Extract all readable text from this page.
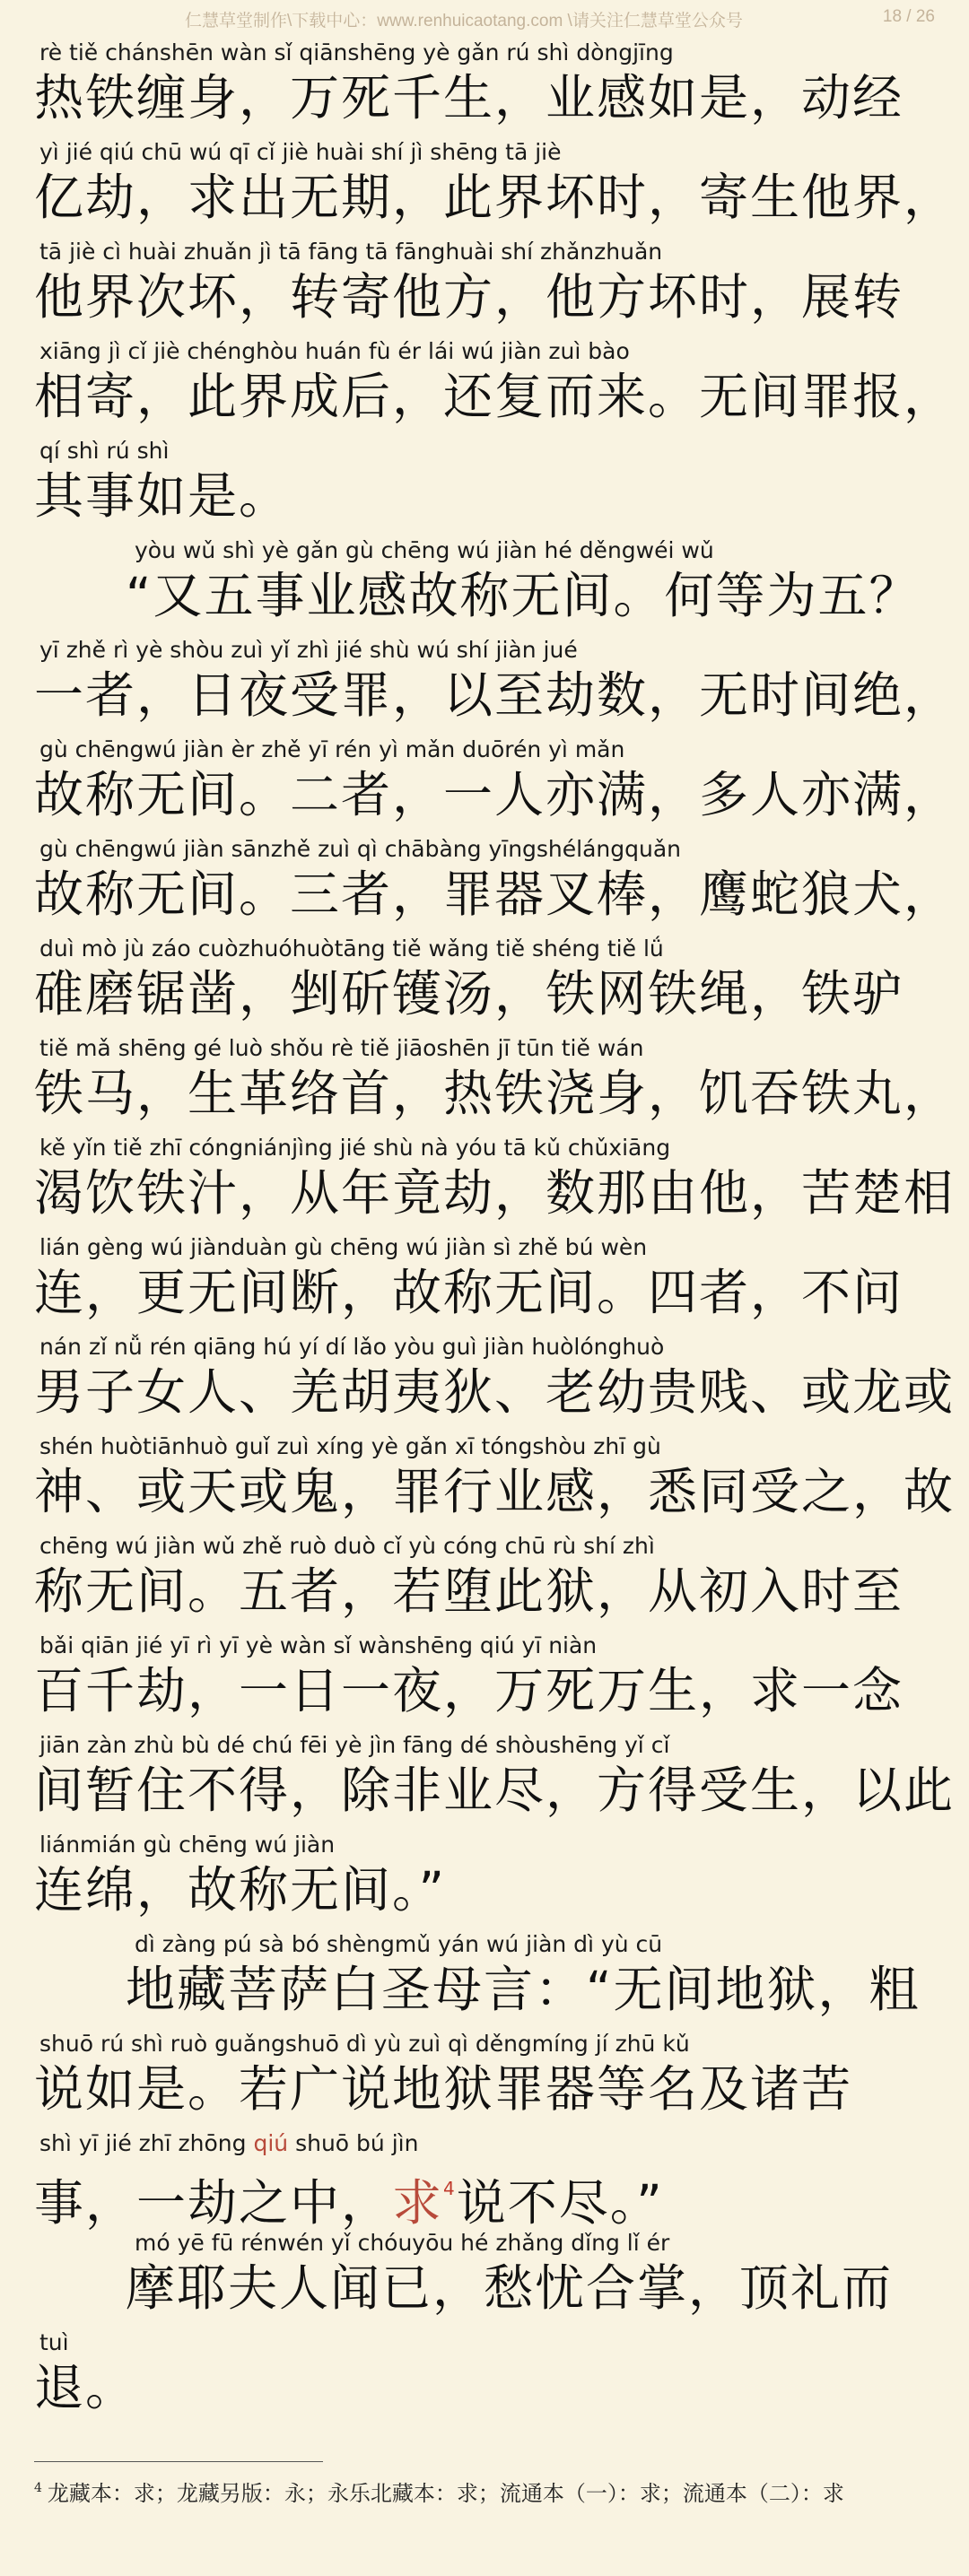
仁慧草堂制作\下载中心：www.renhuicaotang.com \请关注仁慧草堂公众号	18 / 26
rè tiě chánshēn wàn sǐ qiānshēng yè gǎn rú shì dòngjīng
热铁缠身，万死千生，业感如是，动经
yì jié qiú chū wú qī cǐ jiè huài shí jì shēng tā jiè
亿劫，求出无期，此界坏时，寄生他界，
tā jiè cì huài zhuǎn jì tā fāng tā fānghuài shí zhǎnzhuǎn
他界次坏，转寄他方，他方坏时，展转
xiāng jì cǐ jiè chénghòu huán fù ér lái wú jiàn zuì bào
相寄，此界成后，还复而来。无间罪报，
qí shì rú shì
其事如是。
yòu wǔ shì yè gǎn gù chēng wú jiàn hé děngwéi wǔ
“又五事业感故称无间。何等为五？
yī zhě rì yè shòu zuì yǐ zhì jié shù wú shí jiàn jué
一者，日夜受罪，以至劫数，无时间绝，
gù chēngwú jiàn èr zhě yī rén yì mǎn duōrén yì mǎn
故称无间。二者，一人亦满，多人亦满，
gù chēngwú jiàn sānzhě zuì qì chābàng yīngshélángquǎn
故称无间。三者，罪器叉棒，鹰蛇狼犬，
duì mò jù záo cuòzhuóhuòtāng tiě wǎng tiě shéng tiě lǘ
碓磨锯凿，剉斫镬汤，铁网铁绳，铁驴
tiě mǎ shēng gé luò shǒu rè tiě jiāoshēn jī tūn tiě wán
铁马，生革络首，热铁浇身，饥吞铁丸，
kě yǐn tiě zhī cóngniánjìng jié shù nà yóu tā kǔ chǔxiāng
渴饮铁汁，从年竟劫，数那由他，苦楚相
lián gèng wú jiànduàn gù chēng wú jiàn sì zhě bú wèn
连，更无间断，故称无间。四者，不问
nán zǐ nǚ rén qiāng hú yí dí lǎo yòu guì jiàn huòlónghuò
男子女人、羌胡夷狄、老幼贵贱、或龙或
shén huòtiānhuò guǐ zuì xíng yè gǎn xī tóngshòu zhī gù
神、或天或鬼，罪行业感，悉同受之，故
chēng wú jiàn wǔ zhě ruò duò cǐ yù cóng chū rù shí zhì
称无间。五者，若堕此狱，从初入时至
bǎi qiān jié yī rì yī yè wàn sǐ wànshēng qiú yī niàn
百千劫，一日一夜，万死万生，求一念
jiān zàn zhù bù dé chú fēi yè jìn fāng dé shòushēng yǐ cǐ
间暂住不得，除非业尽，方得受生，以此
liánmián gù chēng wú jiàn
连绵，故称无间。”
dì zàng pú sà bó shèngmǔ yán wú jiàn dì yù cū
地藏菩萨白圣母言：“无间地狱，粗
shuō rú shì ruò guǎngshuō dì yù zuì qì děngmíng jí zhū kǔ
说如是。若广说地狱罪器等名及诸苦
shì yī jié zhī zhōng qiú shuō bú jìn
事，一劫之中，求$^4$说不尽。”
mó yē fū rénwén yǐ chóuyōu hé zhǎng dǐng lǐ ér
摩耶夫人闻已，愁忧合掌，顶礼而
tuì
退。
$^4$ 龙藏本：求；龙藏另版：永；永乐北藏本：求；流通本（一）：求；流通本（二）：求
